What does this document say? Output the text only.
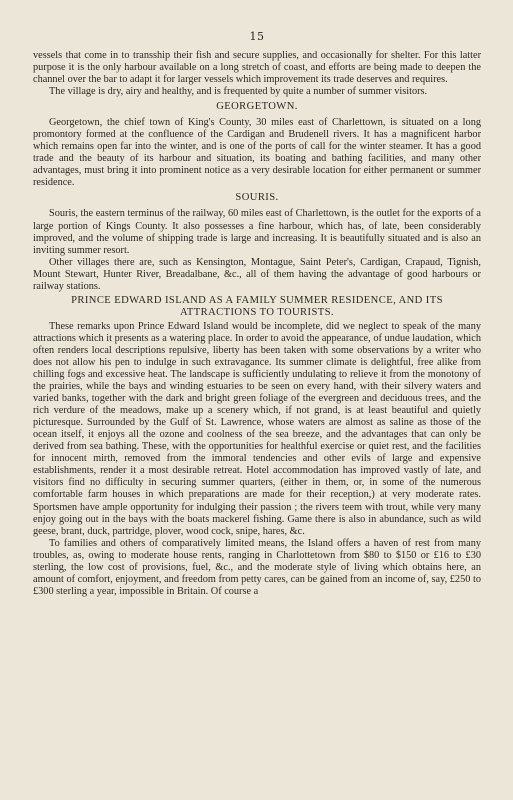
15

vessels that come in to transship their fish and secure supplies, and occasionally for shelter. For this latter purpose it is the only harbour available on a long stretch of coast, and efforts are being made to deepen the channel over the bar to adapt it for larger vessels which improvement its trade deserves and requires.

The village is dry, airy and healthy, and is frequented by quite a number of summer visitors.

GEORGETOWN.

Georgetown, the chief town of King's County, 30 miles east of Charlettown, is situated on a long promontory formed at the confluence of the Cardigan and Brudenell rivers. It has a magnificent harbor which remains open far into the winter, and is one of the ports of call for the winter steamer. It has a good trade and the beauty of its harbour and situation, its boating and bathing facilities, and many other advantages, must bring it into prominent notice as a very desirable location for either permanent or summer residence.

SOURIS.

Souris, the eastern terminus of the railway, 60 miles east of Charlettown, is the outlet for the exports of a large portion of Kings County. It also possesses a fine harbour, which has, of late, been considerably improved, and the volume of shipping trade is large and increasing. It is beautifully situated and is also an inviting summer resort.

Other villages there are, such as Kensington, Montague, Saint Peter's, Cardigan, Crapaud, Tignish, Mount Stewart, Hunter River, Breadalbane, &c., all of them having the advantage of good harbours or railway stations.

PRINCE EDWARD ISLAND AS A FAMILY SUMMER RESIDENCE, AND ITS ATTRACTIONS TO TOURISTS.

These remarks upon Prince Edward Island would be incomplete, did we neglect to speak of the many attractions which it presents as a watering place. In order to avoid the appearance, of undue laudation, which often renders local descriptions repulsive, liberty has been taken with some observations by a writer who does not allow his pen to indulge in such extravagance. Its summer climate is delightful, free alike from chilling fogs and excessive heat. The landscape is sufficiently undulating to relieve it from the monotony of the prairies, while the bays and winding estuaries to be seen on every hand, with their silvery waters and varied banks, together with the dark and bright green foliage of the evergreen and deciduous trees, and the rich verdure of the meadows, make up a scenery which, if not grand, is at least beautiful and quietly picturesque. Surrounded by the Gulf of St. Lawrence, whose waters are almost as saline as those of the ocean itself, it enjoys all the ozone and coolness of the sea breeze, and the advantages that can only be derived from sea bathing. These, with the opportunities for healthful exercise or quiet rest, and the facilities for innocent mirth, removed from the immoral tendencies and other evils of large and expensive establishments, render it a most desirable retreat. Hotel accommodation has improved vastly of late, and visitors find no difficulty in securing summer quarters, (either in them, or, in some of the numerous comfortable farm houses in which preparations are made for their reception,) at very moderate rates. Sportsmen have ample opportunity for indulging their passion ; the rivers teem with trout, while very many enjoy going out in the bays with the boats mackerel fishing. Game there is also in abundance, such as wild geese, brant, duck, partridge, plover, wood cock, snipe, hares, &c.

To families and others of comparatively limited means, the Island offers a haven of rest from many troubles, as, owing to moderate house rents, ranging in Charlottetown from $80 to $150 or £16 to £30 sterling, the low cost of provisions, fuel, &c., and the moderate style of living which obtains here, an amount of comfort, enjoyment, and freedom from petty cares, can be gained from an income of, say, £250 to £300 sterling a year, impossible in Britain. Of course a
